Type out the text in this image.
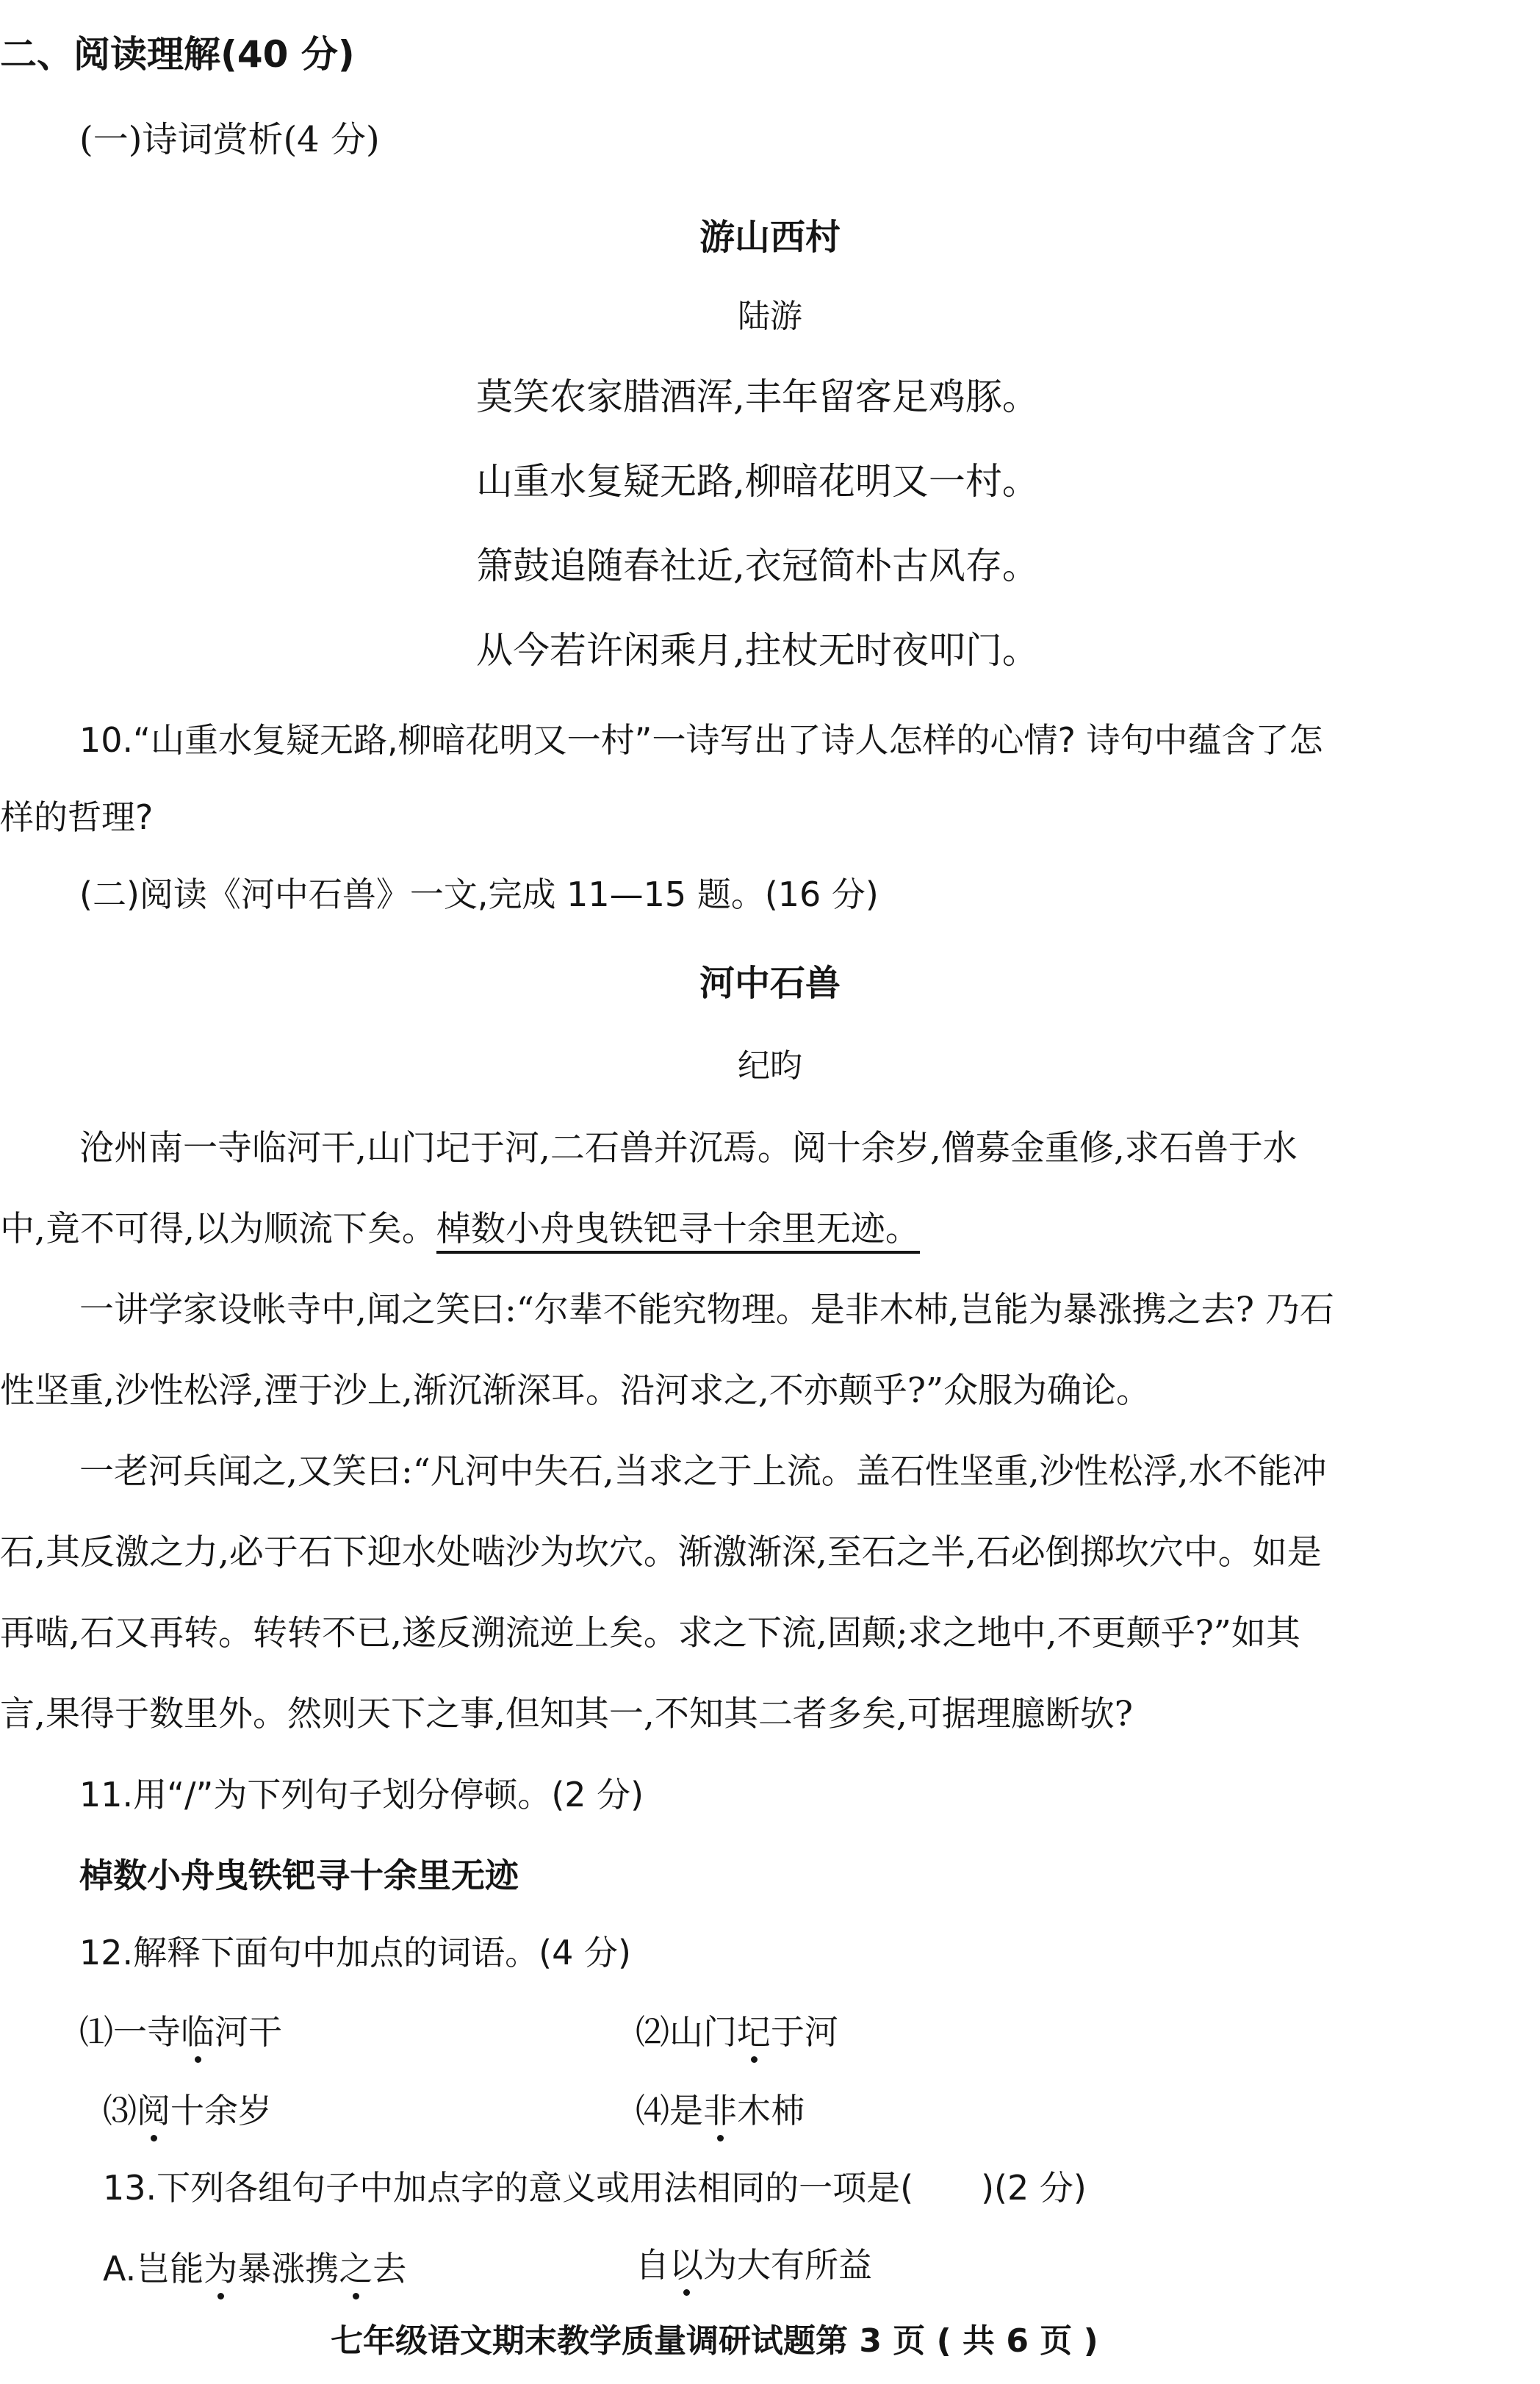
二、阅读理解(40 分)
(一)诗词赏析(4 分)
游山西村
陆游
莫笑农家腊酒浑,丰年留客足鸡豚。
山重水复疑无路,柳暗花明又一村。
箫鼓追随春社近,衣冠简朴古风存。
从今若许闲乘月,拄杖无时夜叩门。
10.“山重水复疑无路,柳暗花明又一村”一诗写出了诗人怎样的心情? 诗句中蕴含了怎
样的哲理?
(二)阅读《河中石兽》一文,完成 11—15 题。(16 分)
河中石兽
纪昀
沧州南一寺临河干,山门圮于河,二石兽并沉焉。阅十余岁,僧募金重修,求石兽于水
中,竟不可得,以为顺流下矣。棹数小舟曳铁钯寻十余里无迹。
一讲学家设帐寺中,闻之笑曰:“尔辈不能究物理。是非木杮,岂能为暴涨携之去? 乃石
性坚重,沙性松浮,湮于沙上,渐沉渐深耳。沿河求之,不亦颠乎?”众服为确论。
一老河兵闻之,又笑曰:“凡河中失石,当求之于上流。盖石性坚重,沙性松浮,水不能冲
石,其反激之力,必于石下迎水处啮沙为坎穴。渐激渐深,至石之半,石必倒掷坎穴中。如是
再啮,石又再转。转转不已,遂反溯流逆上矣。求之下流,固颠;求之地中,不更颠乎?”如其
言,果得于数里外。然则天下之事,但知其一,不知其二者多矣,可据理臆断欤?
11.用“/”为下列句子划分停顿。(2 分)
棹数小舟曳铁钯寻十余里无迹
12.解释下面句中加点的词语。(4 分)
⑴一寺临河干	⑵山门圮于河
⑶阅十余岁	⑷是非木杮
13.下列各组句子中加点字的意义或用法相同的一项是(　　)(2 分)
A.岂能为暴涨携之去	自以为大有所益
七年级语文期末教学质量调研试题第 3 页 ( 共 6 页 )
